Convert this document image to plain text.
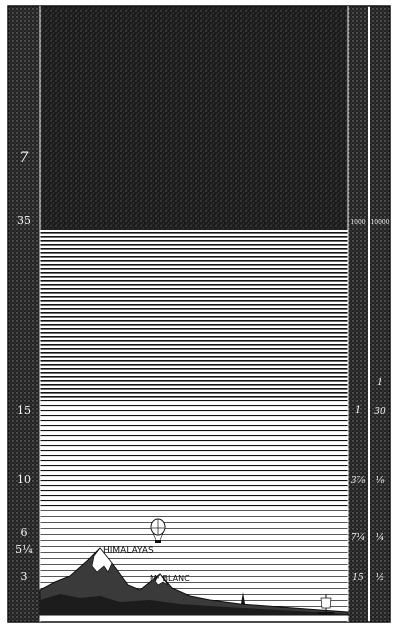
HIMALAYAS
Mᵀ BLANC
7
35
15
10
6
5¼
3
1000
1
3⅞
7¼
15
10000
1
30
⅛
¼
½
